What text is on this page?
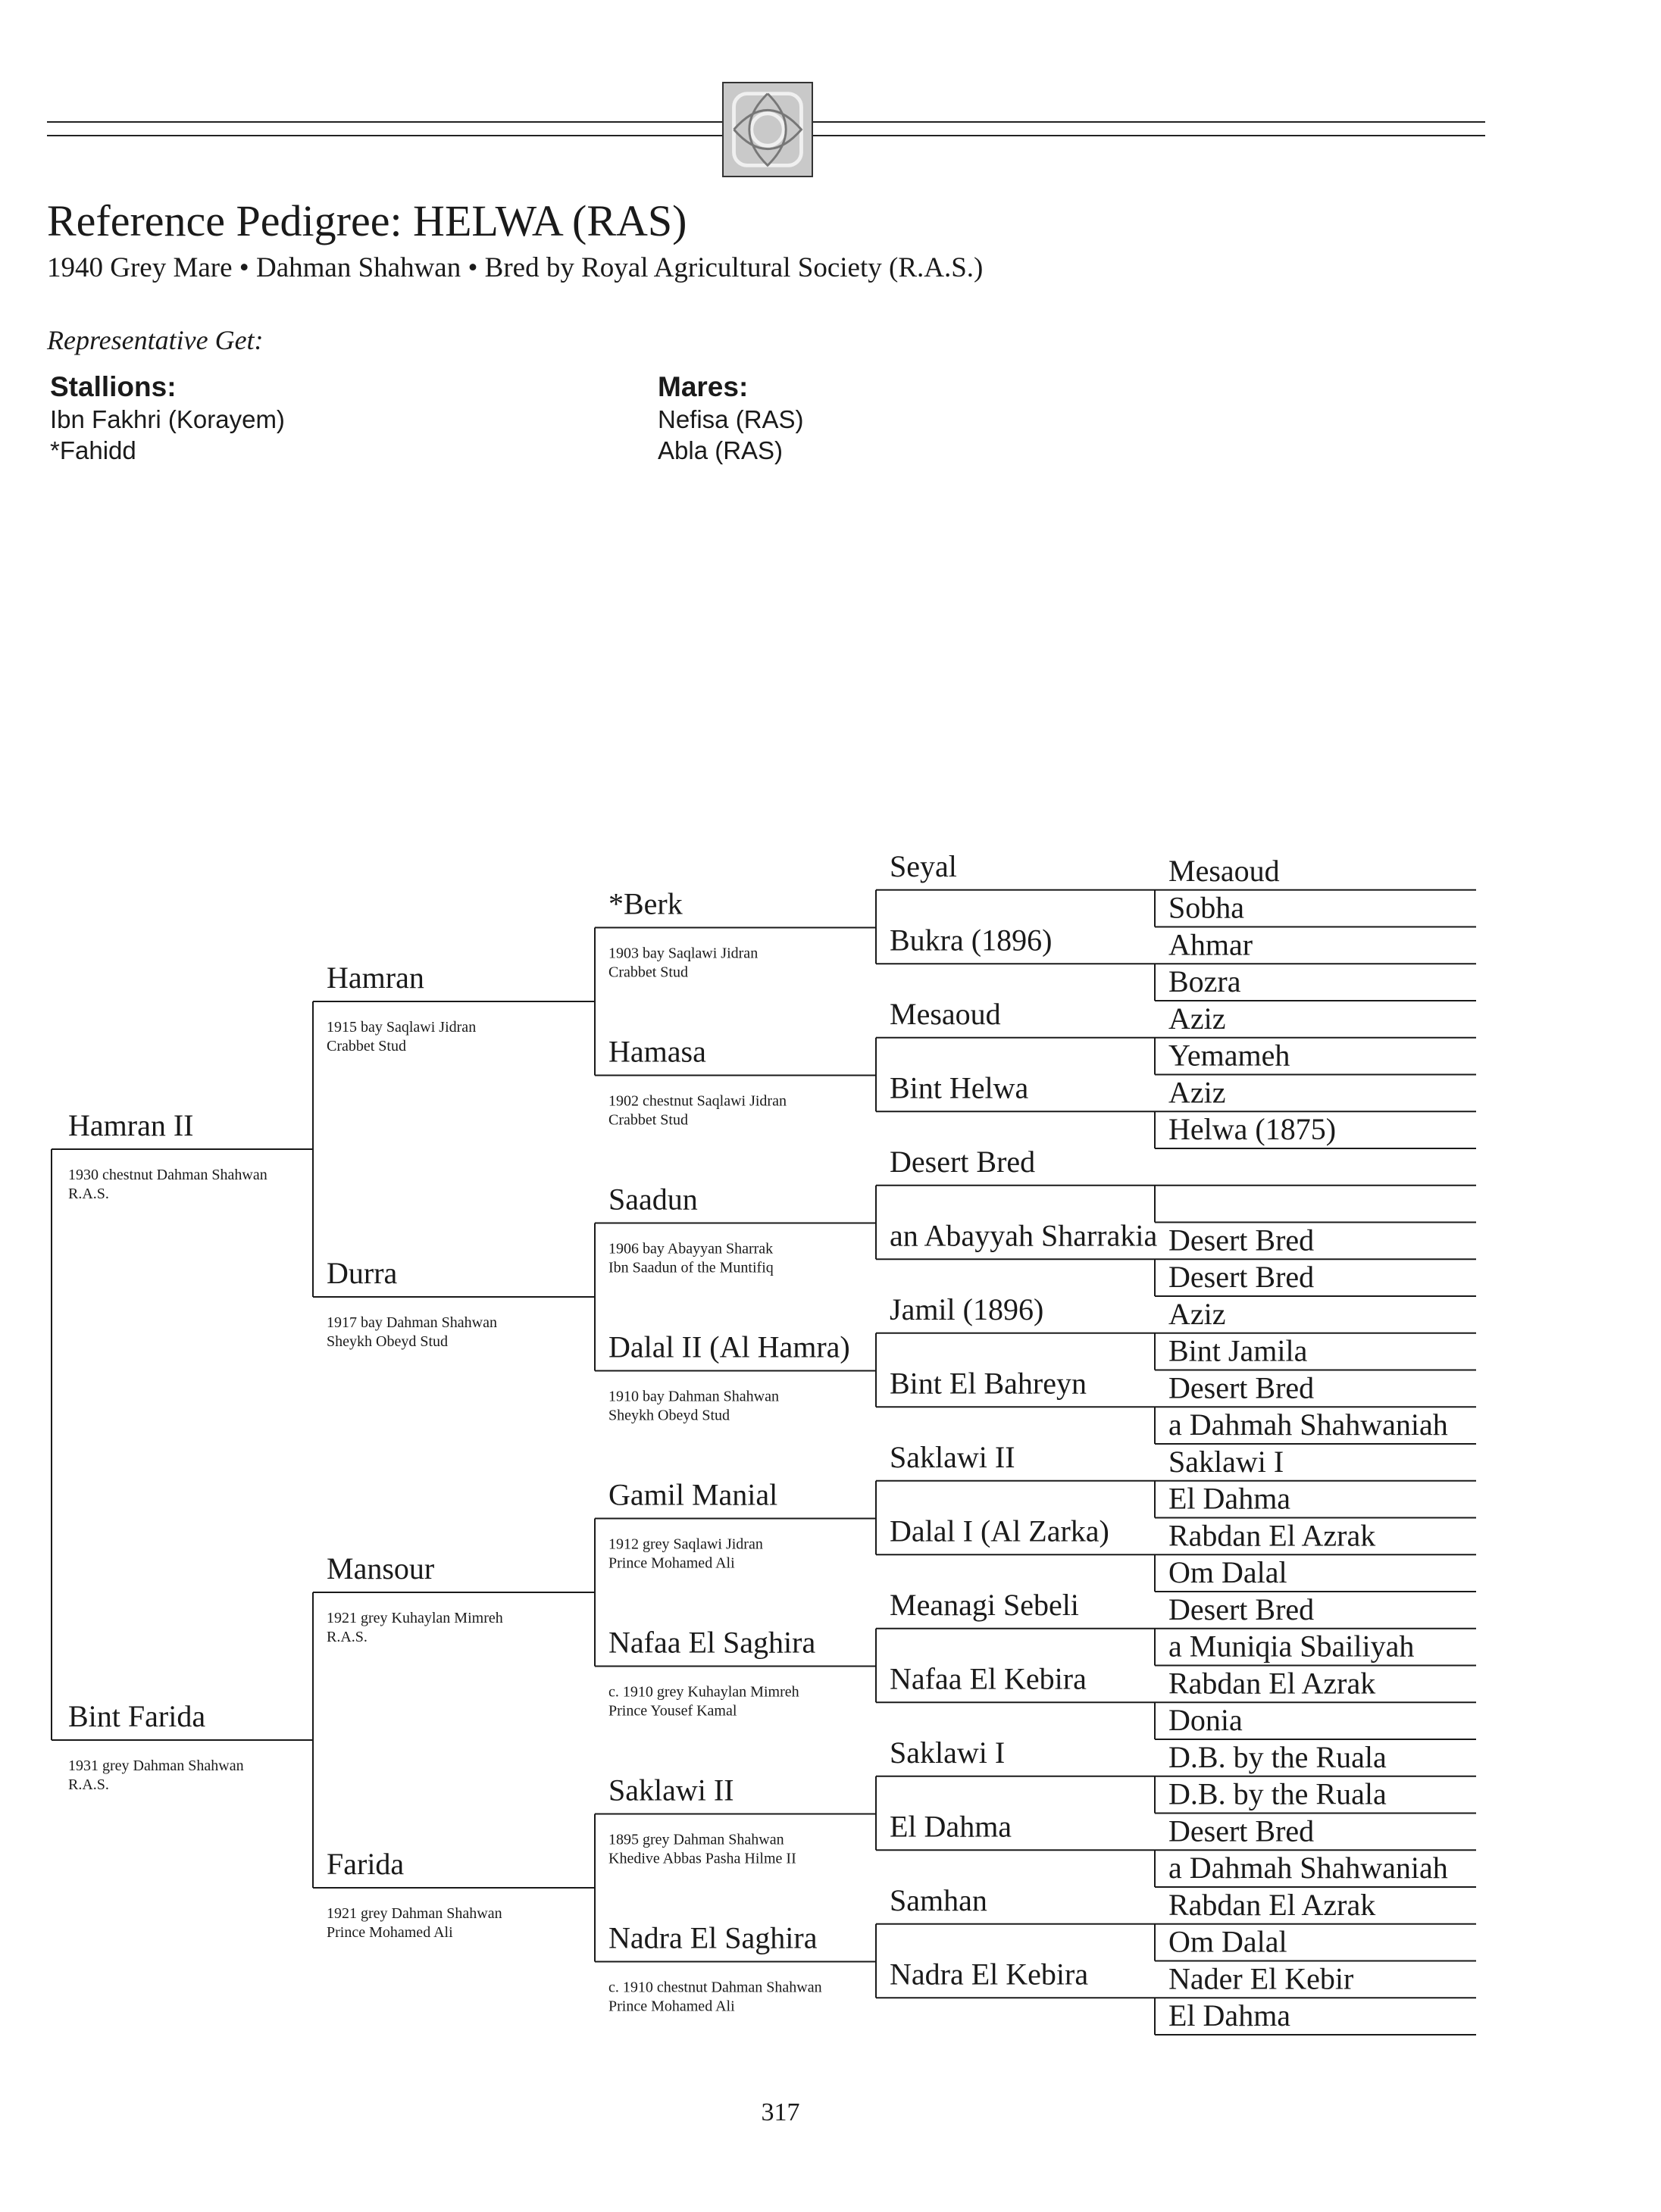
Reference Pedigree: HELWA (RAS)
1940 Grey Mare • Dahman Shahwan • Bred by Royal Agricultural Society (R.A.S.)
Representative Get:
Stallions:
Ibn Fakhri (Korayem)
*Fahidd
Mares:
Nefisa (RAS)
Abla (RAS)
Mesaoud
Sobha
Ahmar
Bozra
Aziz
Yemameh
Aziz
Helwa (1875)
Desert Bred
Desert Bred
Aziz
Bint Jamila
Desert Bred
a Dahmah Shahwaniah
Saklawi I
El Dahma
Rabdan El Azrak
Om Dalal
Desert Bred
a Muniqia Sbailiyah
Rabdan El Azrak
Donia
D.B. by the Ruala
D.B. by the Ruala
Desert Bred
a Dahmah Shahwaniah
Rabdan El Azrak
Om Dalal
Nader El Kebir
El Dahma
Seyal
Bukra (1896)
Mesaoud
Bint Helwa
Desert Bred
an Abayyah Sharrakia
Jamil (1896)
Bint El Bahreyn
Saklawi II
Dalal I (Al Zarka)
Meanagi Sebeli
Nafaa El Kebira
Saklawi I
El Dahma
Samhan
Nadra El Kebira
*Berk
1903 bay Saqlawi Jidran
Crabbet Stud
Hamasa
1902 chestnut Saqlawi Jidran
Crabbet Stud
Saadun
1906 bay Abayyan Sharrak
Ibn Saadun of the Muntifiq
Dalal II (Al Hamra)
1910 bay Dahman Shahwan
Sheykh Obeyd Stud
Gamil Manial
1912 grey Saqlawi Jidran
Prince Mohamed Ali
Nafaa El Saghira
c. 1910 grey Kuhaylan Mimreh
Prince Yousef Kamal
Saklawi II
1895 grey Dahman Shahwan
Khedive Abbas Pasha Hilme II
Nadra El Saghira
c. 1910 chestnut Dahman Shahwan
Prince Mohamed Ali
Hamran
1915 bay Saqlawi Jidran
Crabbet Stud
Durra
1917 bay Dahman Shahwan
Sheykh Obeyd Stud
Mansour
1921 grey Kuhaylan Mimreh
R.A.S.
Farida
1921 grey Dahman Shahwan
Prince Mohamed Ali
Hamran II
1930 chestnut Dahman Shahwan
R.A.S.
Bint Farida
1931 grey Dahman Shahwan
R.A.S.
317
